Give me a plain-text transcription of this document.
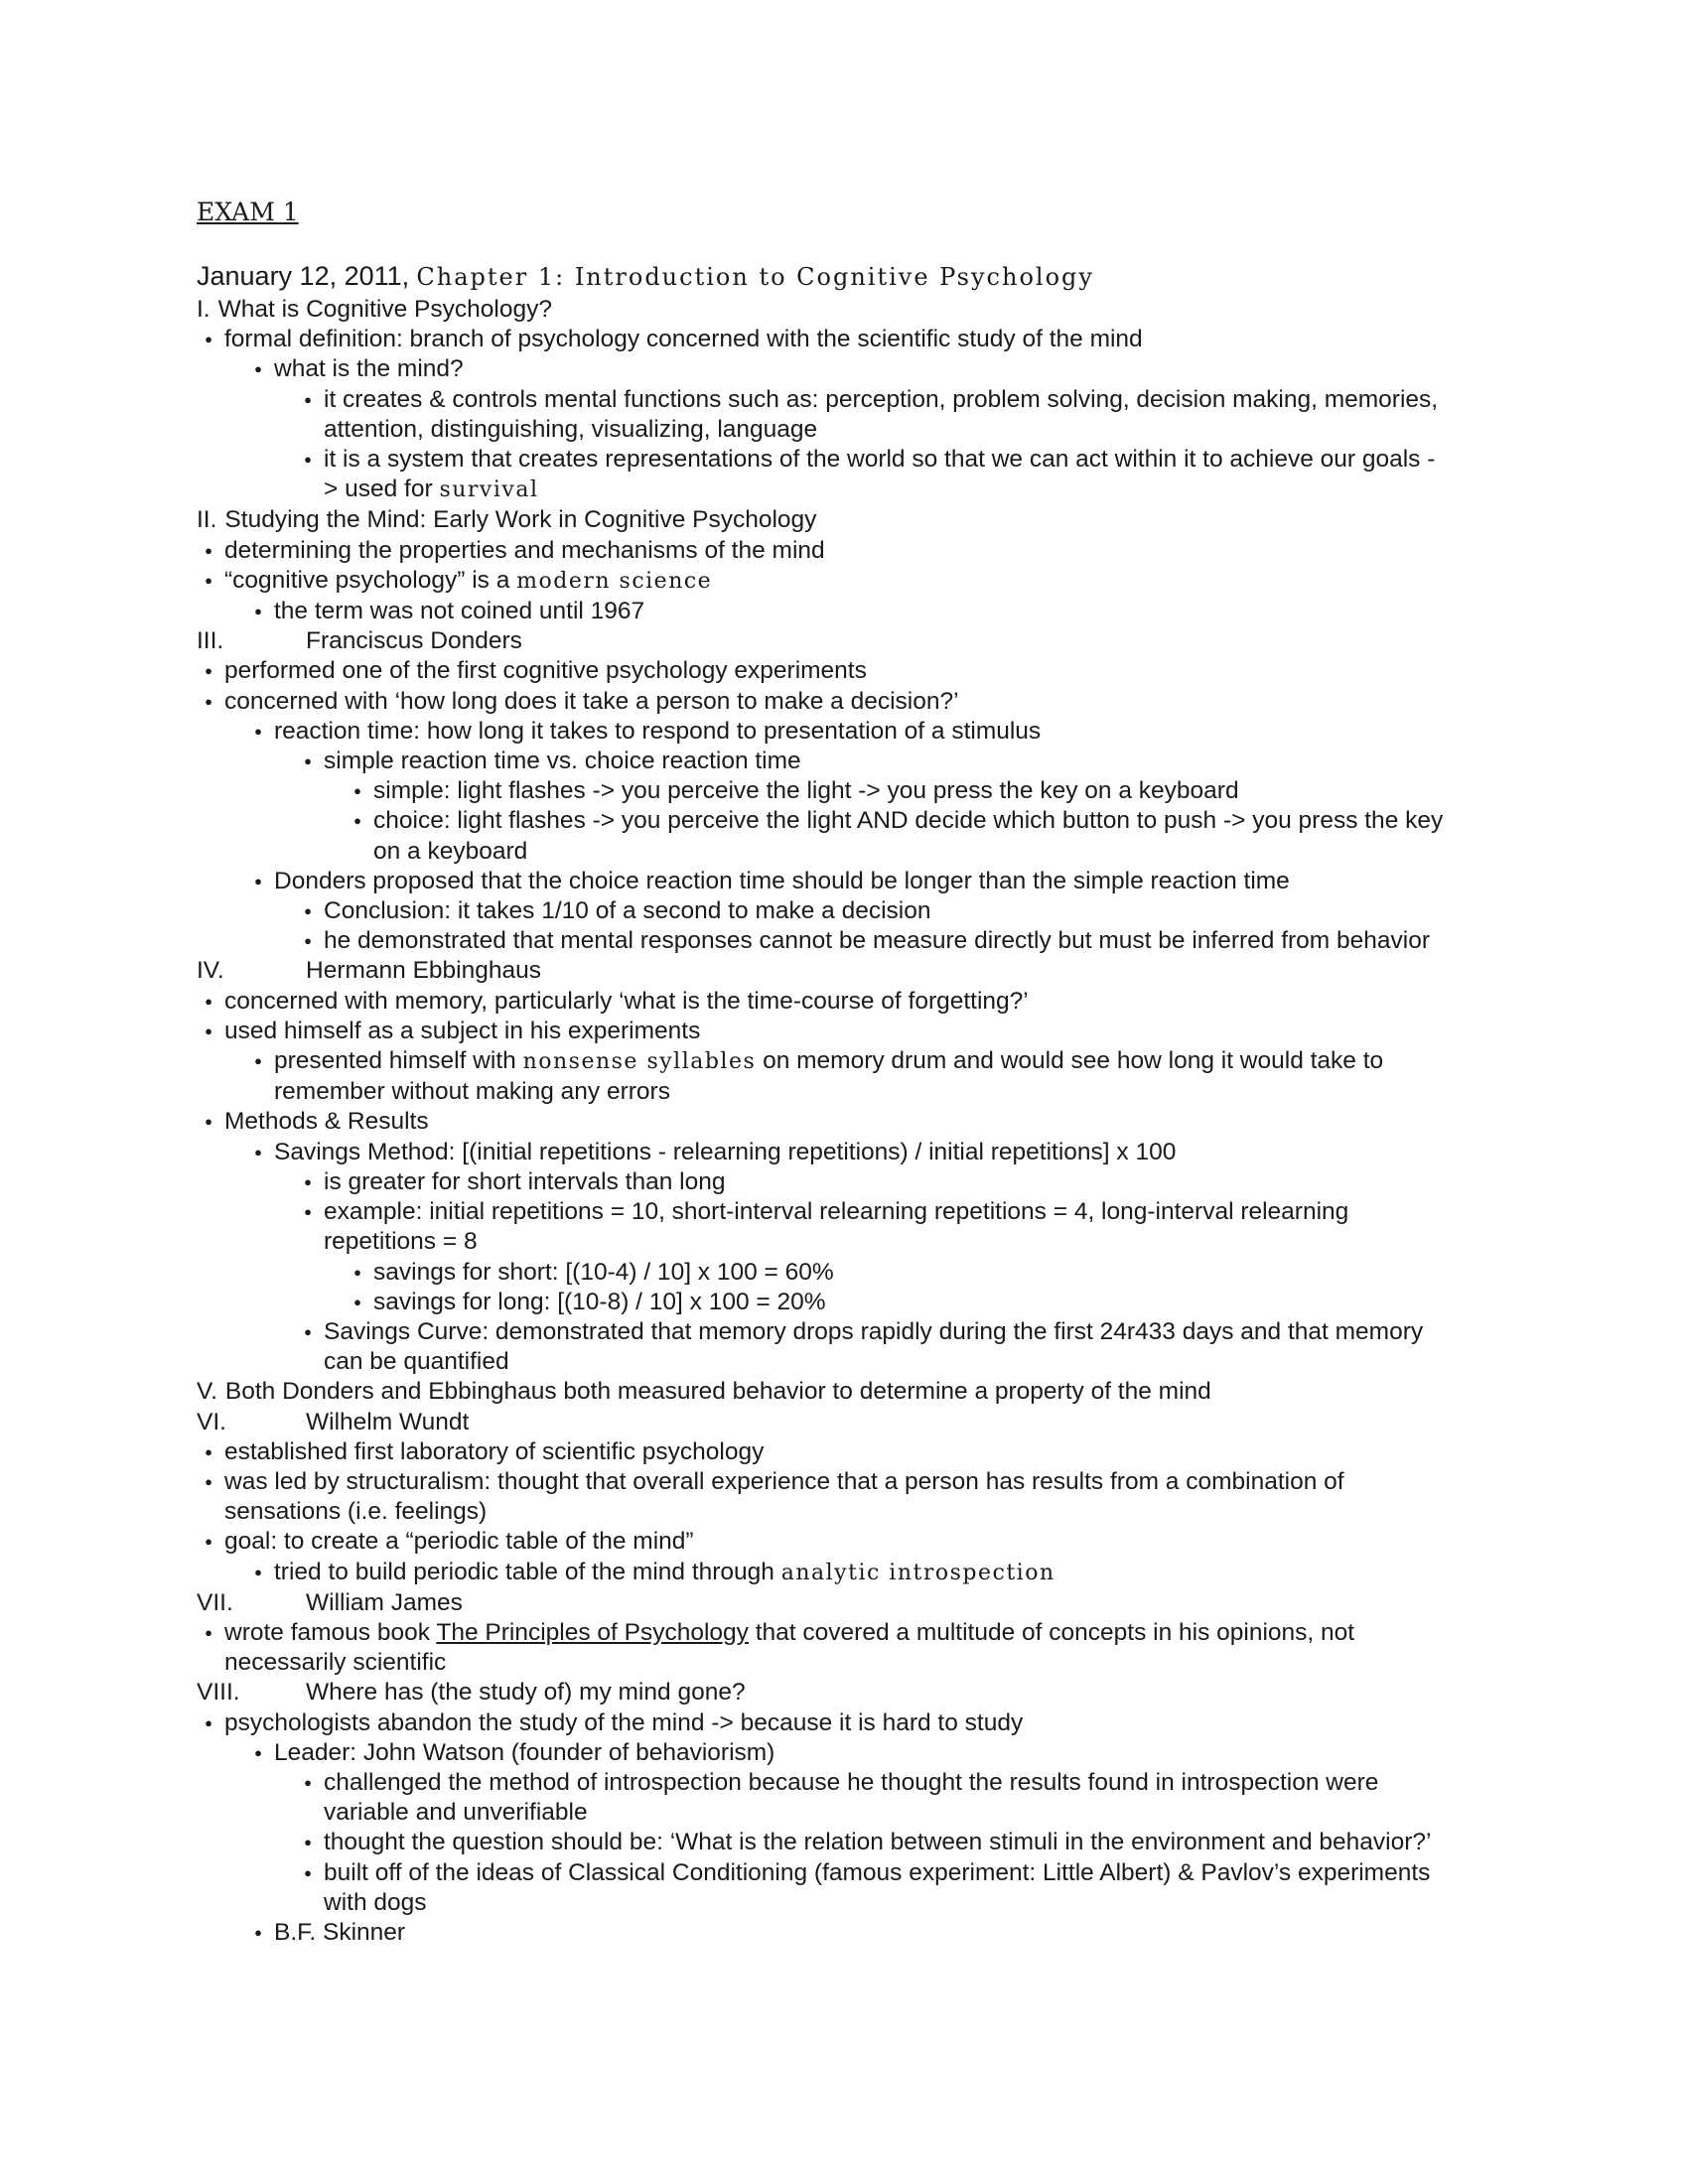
EXAM 1
January 12, 2011, Chapter 1: Introduction to Cognitive Psychology
I. What is Cognitive Psychology?
● formal definition: branch of psychology concerned with the scientific study of the mind
● what is the mind?
● it creates & controls mental functions such as: perception, problem solving, decision making, memories,
attention, distinguishing, visualizing, language
● it is a system that creates representations of the world so that we can act within it to achieve our goals -
> used for survival
II. Studying the Mind: Early Work in Cognitive Psychology
● determining the properties and mechanisms of the mind
● “cognitive psychology” is a modern science
● the term was not coined until 1967
III.	Franciscus Donders
● performed one of the first cognitive psychology experiments
● concerned with ‘how long does it take a person to make a decision?’
● reaction time: how long it takes to respond to presentation of a stimulus
● simple reaction time vs. choice reaction time
● simple: light flashes -> you perceive the light -> you press the key on a keyboard
● choice: light flashes -> you perceive the light AND decide which button to push -> you press the key
on a keyboard
● Donders proposed that the choice reaction time should be longer than the simple reaction time
● Conclusion: it takes 1/10 of a second to make a decision
● he demonstrated that mental responses cannot be measure directly but must be inferred from behavior
IV.	Hermann Ebbinghaus
● concerned with memory, particularly ‘what is the time-course of forgetting?’
● used himself as a subject in his experiments
● presented himself with nonsense syllables on memory drum and would see how long it would take to
remember without making any errors
● Methods & Results
● Savings Method: [(initial repetitions - relearning repetitions) / initial repetitions] x 100
● is greater for short intervals than long
● example: initial repetitions = 10, short-interval relearning repetitions = 4, long-interval relearning
repetitions = 8
● savings for short: [(10-4) / 10] x 100 = 60%
● savings for long: [(10-8) / 10] x 100 = 20%
● Savings Curve: demonstrated that memory drops rapidly during the first 24r433 days and that memory
can be quantified
V. Both Donders and Ebbinghaus both measured behavior to determine a property of the mind
VI.	Wilhelm Wundt
● established first laboratory of scientific psychology
● was led by structuralism: thought that overall experience that a person has results from a combination of
sensations (i.e. feelings)
● goal: to create a “periodic table of the mind”
● tried to build periodic table of the mind through analytic introspection
VII.	William James
● wrote famous book The Principles of Psychology that covered a multitude of concepts in his opinions, not
necessarily scientific
VIII.	Where has (the study of) my mind gone?
● psychologists abandon the study of the mind -> because it is hard to study
● Leader: John Watson (founder of behaviorism)
● challenged the method of introspection because he thought the results found in introspection were
variable and unverifiable
● thought the question should be: ‘What is the relation between stimuli in the environment and behavior?’
● built off of the ideas of Classical Conditioning (famous experiment: Little Albert) & Pavlov’s experiments
with dogs
● B.F. Skinner
